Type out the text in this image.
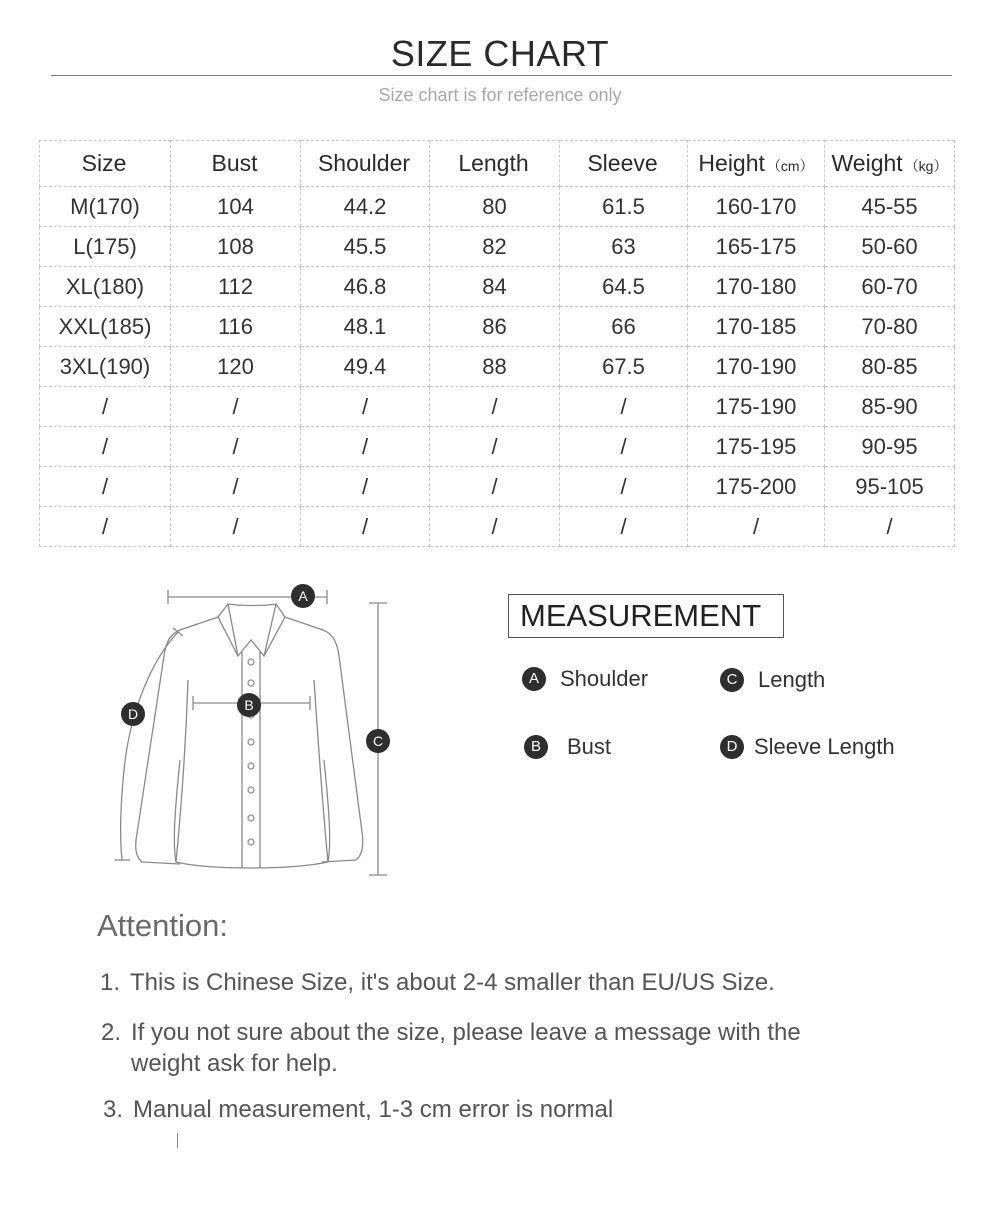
SIZE CHART
Size chart is for reference only
Size	Bust	Shoulder	Length	Sleeve	Height （cm）	Weight （kg）
M(170)	104	44.2	80	61.5	160-170	45-55
L(175)	108	45.5	82	63	165-175	50-60
XL(180)	112	46.8	84	64.5	170-180	60-70
XXL(185)	116	48.1	86	66	170-185	70-80
3XL(190)	120	49.4	88	67.5	170-190	80-85
/	/	/	/	/	175-190	85-90
/	/	/	/	/	175-195	90-95
/	/	/	/	/	175-200	95-105
/	/	/	/	/	/	/
A
B
C
D
MEASUREMENT
A Shoulder	C Length
B	Bust	D Sleeve Length
Attention:
1. This is Chinese Size, it's about 2-4 smaller than EU/US Size.
2. If you not sure about the size, please leave a message with the
weight ask for help.
3. Manual measurement, 1-3 cm error is normal
